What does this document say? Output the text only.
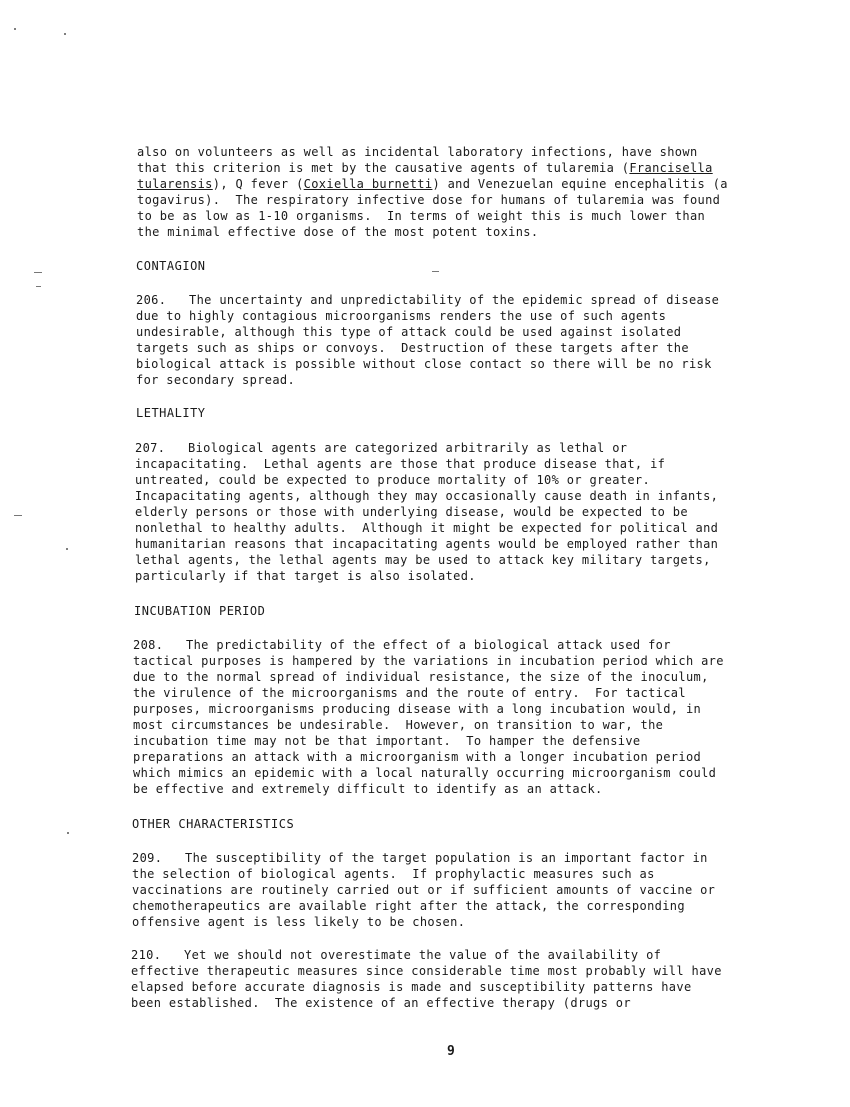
also on volunteers as well as incidental laboratory infections, have shown
that this criterion is met by the causative agents of tularemia (Francisella
tularensis), Q fever (Coxiella burnetti) and Venezuelan equine encephalitis (a
togavirus).  The respiratory infective dose for humans of tularemia was found
to be as low as 1-10 organisms.  In terms of weight this is much lower than
the minimal effective dose of the most potent toxins.
CONTAGION
206.   The uncertainty and unpredictability of the epidemic spread of disease
due to highly contagious microorganisms renders the use of such agents
undesirable, although this type of attack could be used against isolated
targets such as ships or convoys.  Destruction of these targets after the
biological attack is possible without close contact so there will be no risk
for secondary spread.
LETHALITY
207.   Biological agents are categorized arbitrarily as lethal or
incapacitating.  Lethal agents are those that produce disease that, if
untreated, could be expected to produce mortality of 10% or greater.
Incapacitating agents, although they may occasionally cause death in infants,
elderly persons or those with underlying disease, would be expected to be
nonlethal to healthy adults.  Although it might be expected for political and
humanitarian reasons that incapacitating agents would be employed rather than
lethal agents, the lethal agents may be used to attack key military targets,
particularly if that target is also isolated.
INCUBATION PERIOD
208.   The predictability of the effect of a biological attack used for
tactical purposes is hampered by the variations in incubation period which are
due to the normal spread of individual resistance, the size of the inoculum,
the virulence of the microorganisms and the route of entry.  For tactical
purposes, microorganisms producing disease with a long incubation would, in
most circumstances be undesirable.  However, on transition to war, the
incubation time may not be that important.  To hamper the defensive
preparations an attack with a microorganism with a longer incubation period
which mimics an epidemic with a local naturally occurring microorganism could
be effective and extremely difficult to identify as an attack.
OTHER CHARACTERISTICS
209.   The susceptibility of the target population is an important factor in
the selection of biological agents.  If prophylactic measures such as
vaccinations are routinely carried out or if sufficient amounts of vaccine or
chemotherapeutics are available right after the attack, the corresponding
offensive agent is less likely to be chosen.
210.   Yet we should not overestimate the value of the availability of
effective therapeutic measures since considerable time most probably will have
elapsed before accurate diagnosis is made and susceptibility patterns have
been established.  The existence of an effective therapy (drugs or
9
